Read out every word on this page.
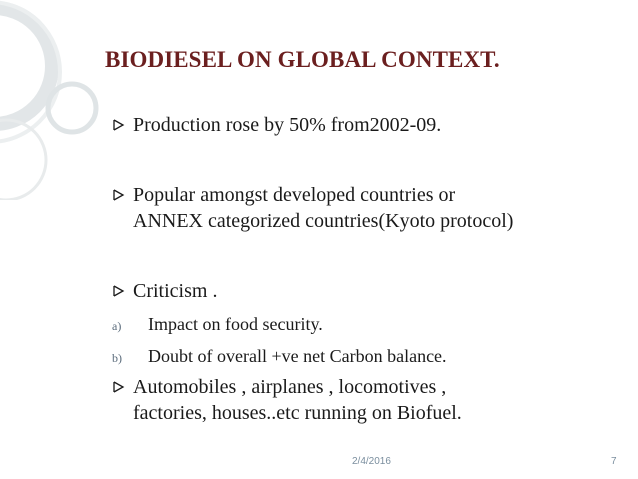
BIODIESEL ON GLOBAL CONTEXT.
Production rose by 50% from2002-09.
Popular amongst developed countries or
ANNEX categorized countries(Kyoto protocol)
Criticism .
a) Impact on food security.
b) Doubt of overall +ve net Carbon balance.
Automobiles , airplanes , locomotives ,
factories, houses..etc running on Biofuel.
2/4/2016	7
